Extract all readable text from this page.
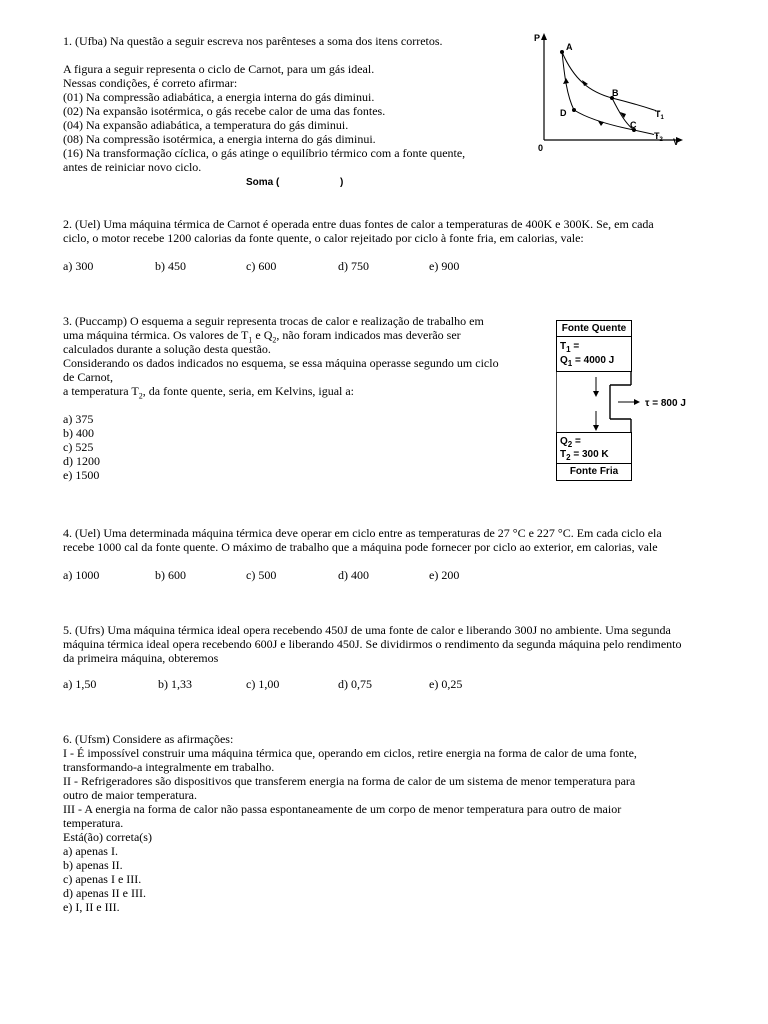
1. (Ufba) Na questão a seguir escreva nos parênteses a soma dos itens corretos.
A figura a seguir representa o ciclo de Carnot, para um gás ideal.
Nessas condições, é correto afirmar:
(01) Na compressão adiabática, a energia interna do gás diminui.
(02) Na expansão isotérmica, o gás recebe calor de uma das fontes.
(04) Na expansão adiabática, a temperatura do gás diminui.
(08) Na compressão isotérmica, a energia interna do gás diminui.
(16) Na transformação cíclica, o gás atinge o equilíbrio térmico com a fonte quente,
antes de reiniciar novo ciclo.
Soma (	)
P
V
0
A
B
C
D	$T_1$
$T_2$
2. (Uel) Uma máquina térmica de Carnot é operada entre duas fontes de calor a temperaturas de 400K e 300K. Se, em cada
ciclo, o motor recebe 1200 calorias da fonte quente, o calor rejeitado por ciclo à fonte fria, em calorias, vale:
a) 300	b) 450	c) 600	d) 750	e) 900
3. (Puccamp) O esquema a seguir representa trocas de calor e realização de trabalho em
uma máquina térmica. Os valores de $T_1$ e $Q_2$, não foram indicados mas deverão ser
calculados durante a solução desta questão.
Considerando os dados indicados no esquema, se essa máquina operasse segundo um ciclo
de Carnot,
a temperatura $T_2$, da fonte quente, seria, em Kelvins, igual a:
a) 375
b) 400
c) 525
d) 1200
e) 1500
Fonte Quente
$T_1$ =
$Q_1 = 4000$ J
τ = 800 J
$Q_2$ =
$T_2 = 300$ K
Fonte Fria
4. (Uel) Uma determinada máquina térmica deve operar em ciclo entre as temperaturas de 27 °C e 227 °C. Em cada ciclo ela
recebe 1000 cal da fonte quente. O máximo de trabalho que a máquina pode fornecer por ciclo ao exterior, em calorias, vale
a) 1000	b) 600	c) 500	d) 400	e) 200
5. (Ufrs) Uma máquina térmica ideal opera recebendo 450J de uma fonte de calor e liberando 300J no ambiente. Uma segunda
máquina térmica ideal opera recebendo 600J e liberando 450J. Se dividirmos o rendimento da segunda máquina pelo rendimento
da primeira máquina, obteremos
a) 1,50	b) 1,33	c) 1,00	d) 0,75	e) 0,25
6. (Ufsm) Considere as afirmações:
I - É impossível construir uma máquina térmica que, operando em ciclos, retire energia na forma de calor de uma fonte,
transformando-a integralmente em trabalho.
II - Refrigeradores são dispositivos que transferem energia na forma de calor de um sistema de menor temperatura para
outro de maior temperatura.
III - A energia na forma de calor não passa espontaneamente de um corpo de menor temperatura para outro de maior
temperatura.
Está(ão) correta(s)
a) apenas I.
b) apenas II.
c) apenas I e III.
d) apenas II e III.
e) I, II e III.
